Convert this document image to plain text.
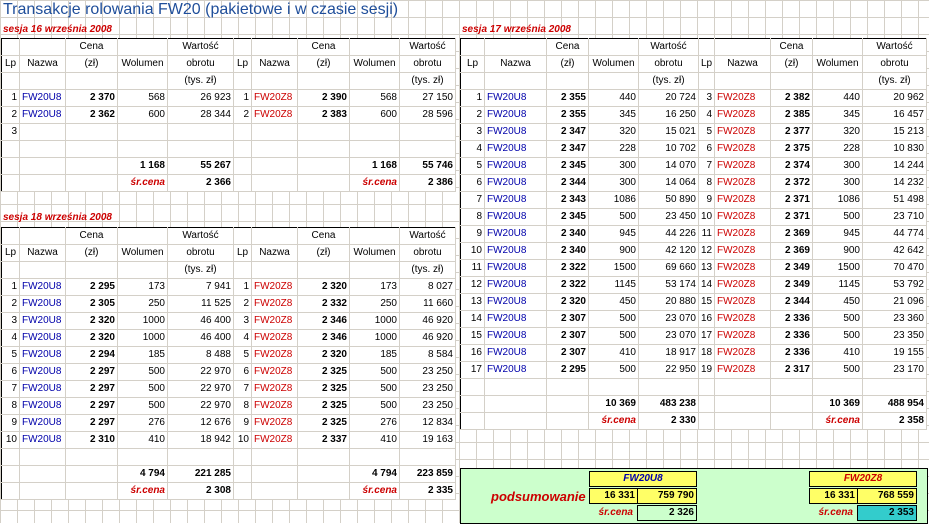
Transakcje rolowania FW20 (pakietowe i w czasie sesji)
sesja 16 września 2008
		Cena		Wartość			Cena		Wartość
Lp	Nazwa	(zł)	Wolumen	obrotu	Lp	Nazwa	(zł)	Wolumen	obrotu
				(tys. zł)					(tys. zł)
1	FW20U8	2 370	568	26 923	1	FW20Z8	2 390	568	27 150
2	FW20U8	2 362	600	28 344	2	FW20Z8	2 383	600	28 596
3									

			1 168	55 267				1 168	55 746
			śr.cena	2 366				śr.cena	2 386
sesja 18 września 2008
		Cena		Wartość			Cena		Wartość
Lp	Nazwa	(zł)	Wolumen	obrotu	Lp	Nazwa	(zł)	Wolumen	obrotu
				(tys. zł)					(tys. zł)
1	FW20U8	2 295	173	7 941	1	FW20Z8	2 320	173	8 027
2	FW20U8	2 305	250	11 525	2	FW20Z8	2 332	250	11 660
3	FW20U8	2 320	1000	46 400	3	FW20Z8	2 346	1000	46 920
4	FW20U8	2 320	1000	46 400	4	FW20Z8	2 346	1000	46 920
5	FW20U8	2 294	185	8 488	5	FW20Z8	2 320	185	8 584
6	FW20U8	2 297	500	22 970	6	FW20Z8	2 325	500	23 250
7	FW20U8	2 297	500	22 970	7	FW20Z8	2 325	500	23 250
8	FW20U8	2 297	500	22 970	8	FW20Z8	2 325	500	23 250
9	FW20U8	2 297	276	12 676	9	FW20Z8	2 325	276	12 834
10	FW20U8	2 310	410	18 942	10	FW20Z8	2 337	410	19 163

			4 794	221 285				4 794	223 859
			śr.cena	2 308				śr.cena	2 335
sesja 17 września 2008
		Cena		Wartość			Cena		Wartość
Lp	Nazwa	(zł)	Wolumen	obrotu	Lp	Nazwa	(zł)	Wolumen	obrotu
				(tys. zł)					(tys. zł)
1	FW20U8	2 355	440	20 724	3	FW20Z8	2 382	440	20 962
2	FW20U8	2 355	345	16 250	4	FW20Z8	2 385	345	16 457
3	FW20U8	2 347	320	15 021	5	FW20Z8	2 377	320	15 213
4	FW20U8	2 347	228	10 702	6	FW20Z8	2 375	228	10 830
5	FW20U8	2 345	300	14 070	7	FW20Z8	2 374	300	14 244
6	FW20U8	2 344	300	14 064	8	FW20Z8	2 372	300	14 232
7	FW20U8	2 343	1086	50 890	9	FW20Z8	2 371	1086	51 498
8	FW20U8	2 345	500	23 450	10	FW20Z8	2 371	500	23 710
9	FW20U8	2 340	945	44 226	11	FW20Z8	2 369	945	44 774
10	FW20U8	2 340	900	42 120	12	FW20Z8	2 369	900	42 642
11	FW20U8	2 322	1500	69 660	13	FW20Z8	2 349	1500	70 470
12	FW20U8	2 322	1145	53 174	14	FW20Z8	2 349	1145	53 792
13	FW20U8	2 320	450	20 880	15	FW20Z8	2 344	450	21 096
14	FW20U8	2 307	500	23 070	16	FW20Z8	2 336	500	23 360
15	FW20U8	2 307	500	23 070	17	FW20Z8	2 336	500	23 350
16	FW20U8	2 307	410	18 917	18	FW20Z8	2 336	410	19 155
17	FW20U8	2 295	500	22 950	19	FW20Z8	2 317	500	23 170

			10 369	483 238				10 369	488 954
			śr.cena	2 330				śr.cena	2 358
FW20U8	FW20Z8
podsumowanie	16 331	759 790	16 331	768 559
śr.cena	2 326	śr.cena	2 353
